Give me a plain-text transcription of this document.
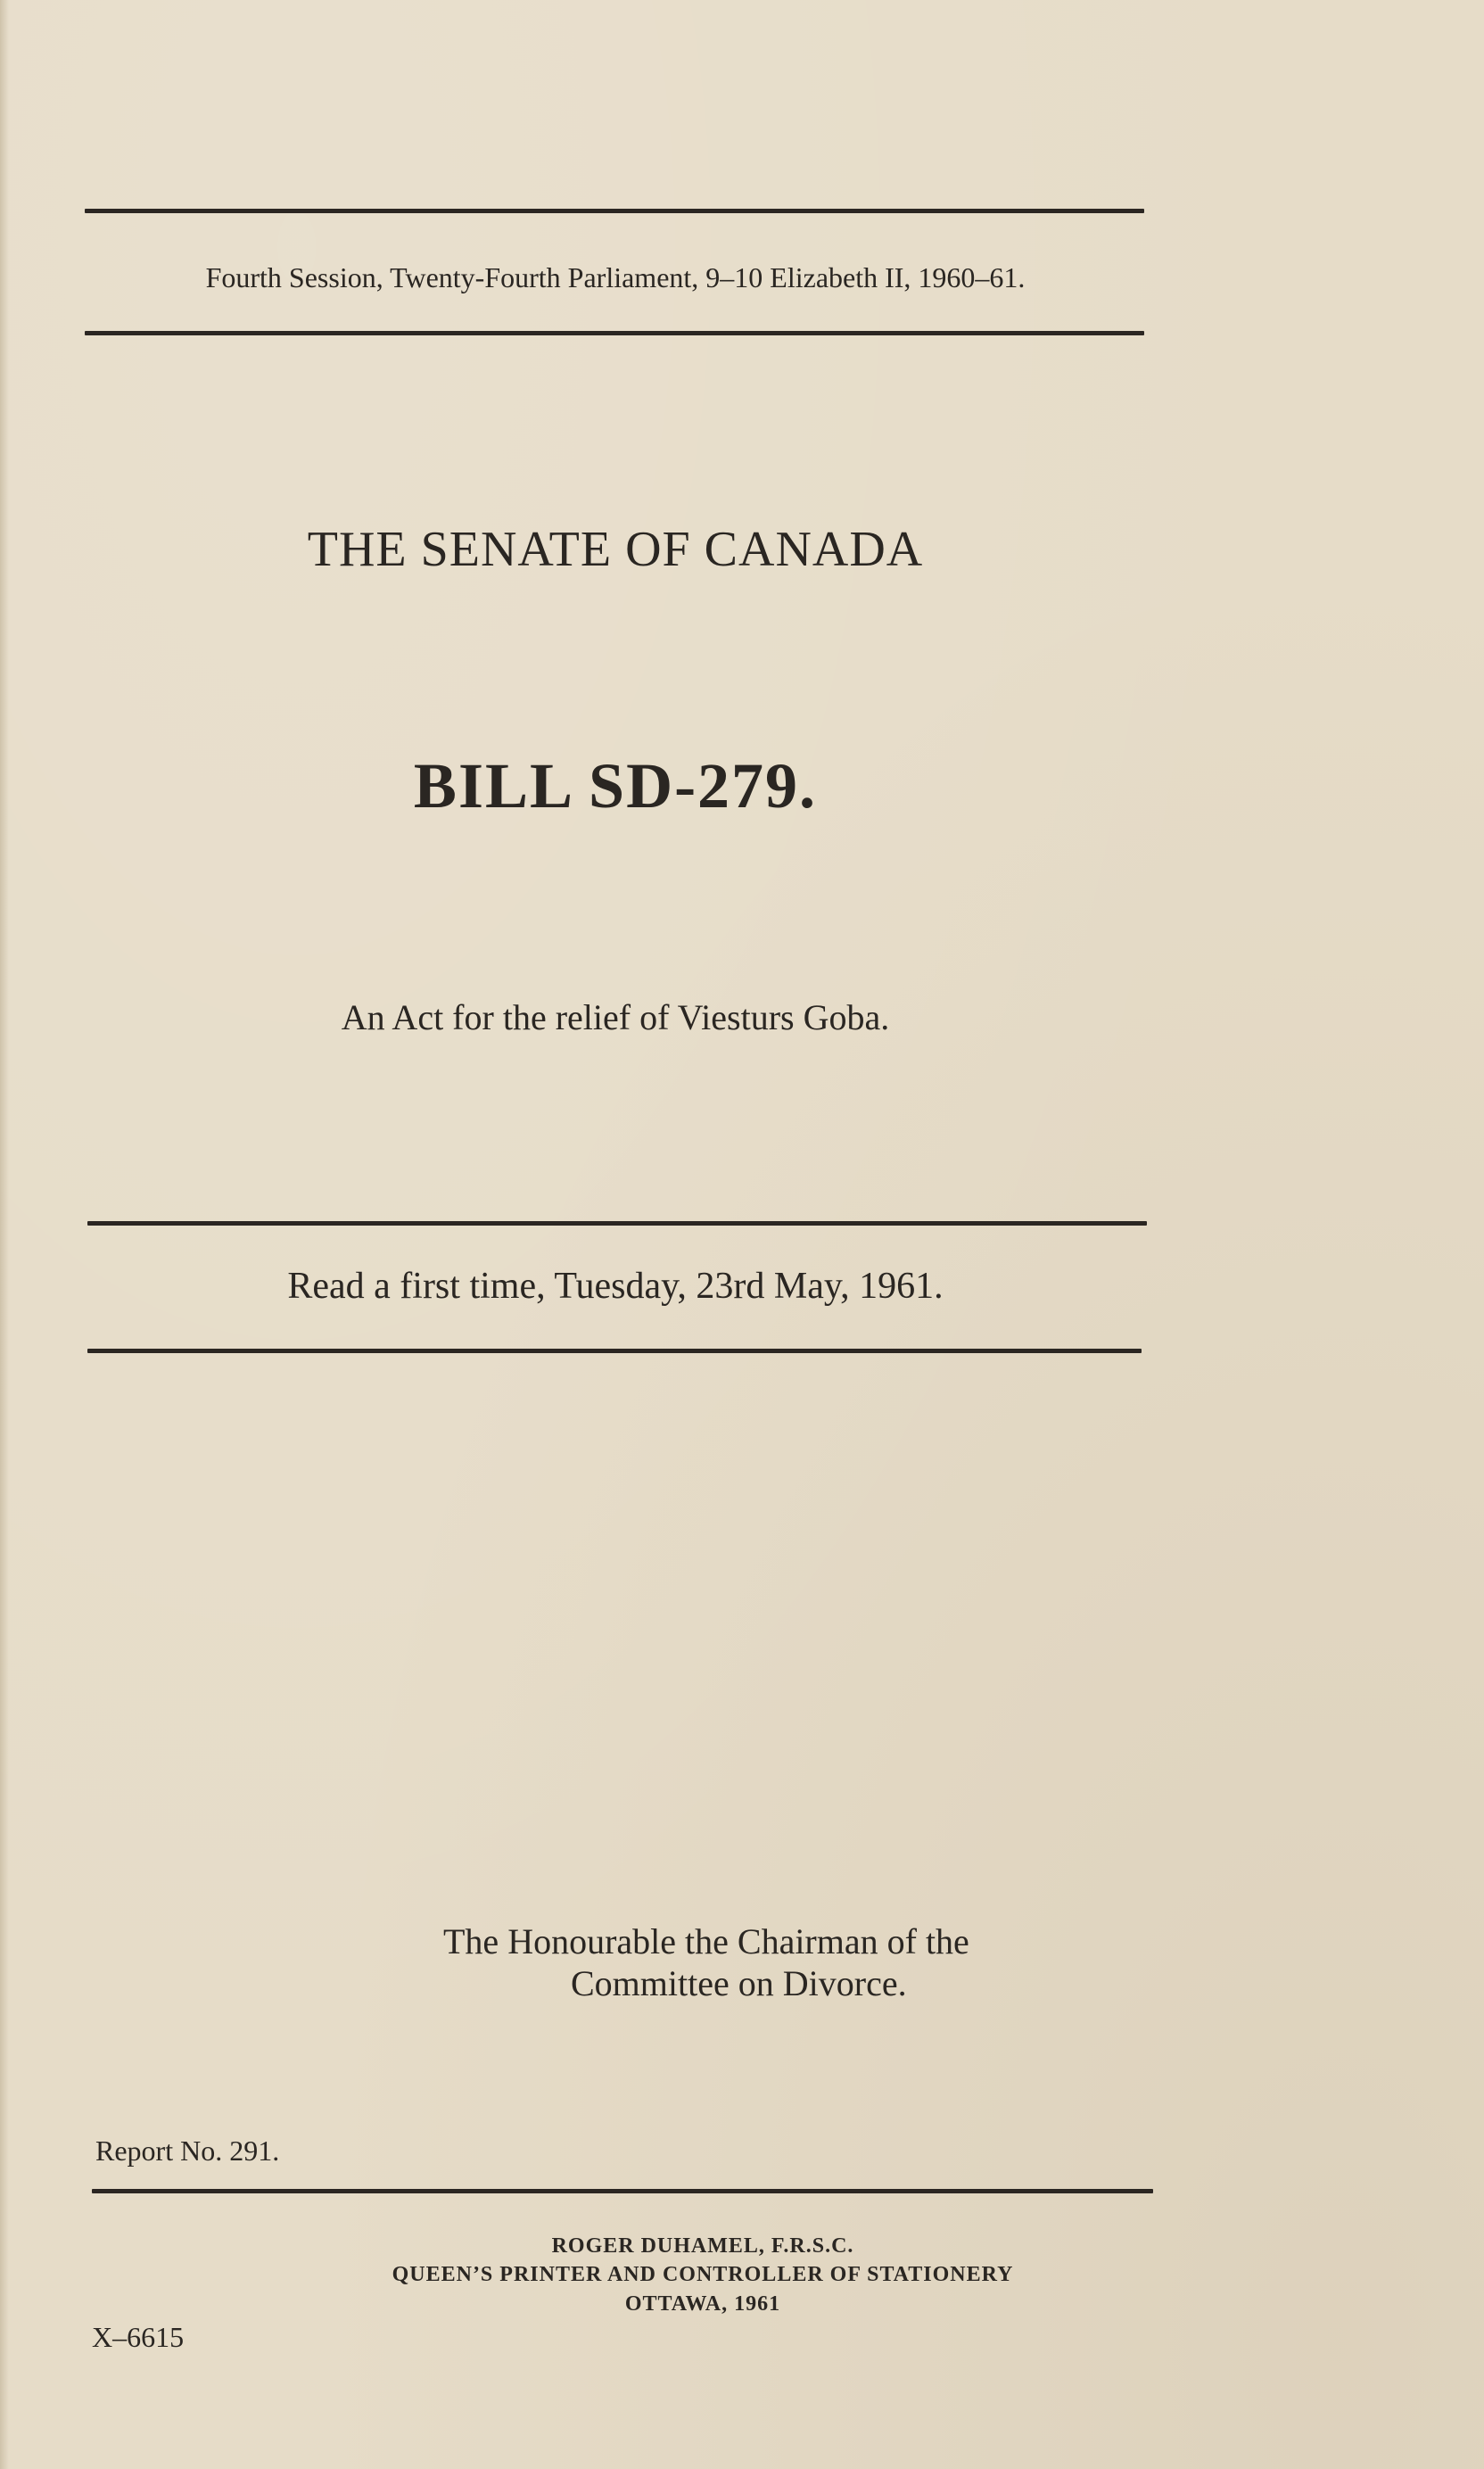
Fourth Session, Twenty-Fourth Parliament, 9–10 Elizabeth II, 1960–61.
THE SENATE OF CANADA
BILL SD-279.
An Act for the relief of Viesturs Goba.
Read a first time, Tuesday, 23rd May, 1961.
The Honourable the Chairman of the
Committee on Divorce.
Report No. 291.
ROGER DUHAMEL, F.R.S.C.
QUEEN’S PRINTER AND CONTROLLER OF STATIONERY
OTTAWA, 1961
X–6615
